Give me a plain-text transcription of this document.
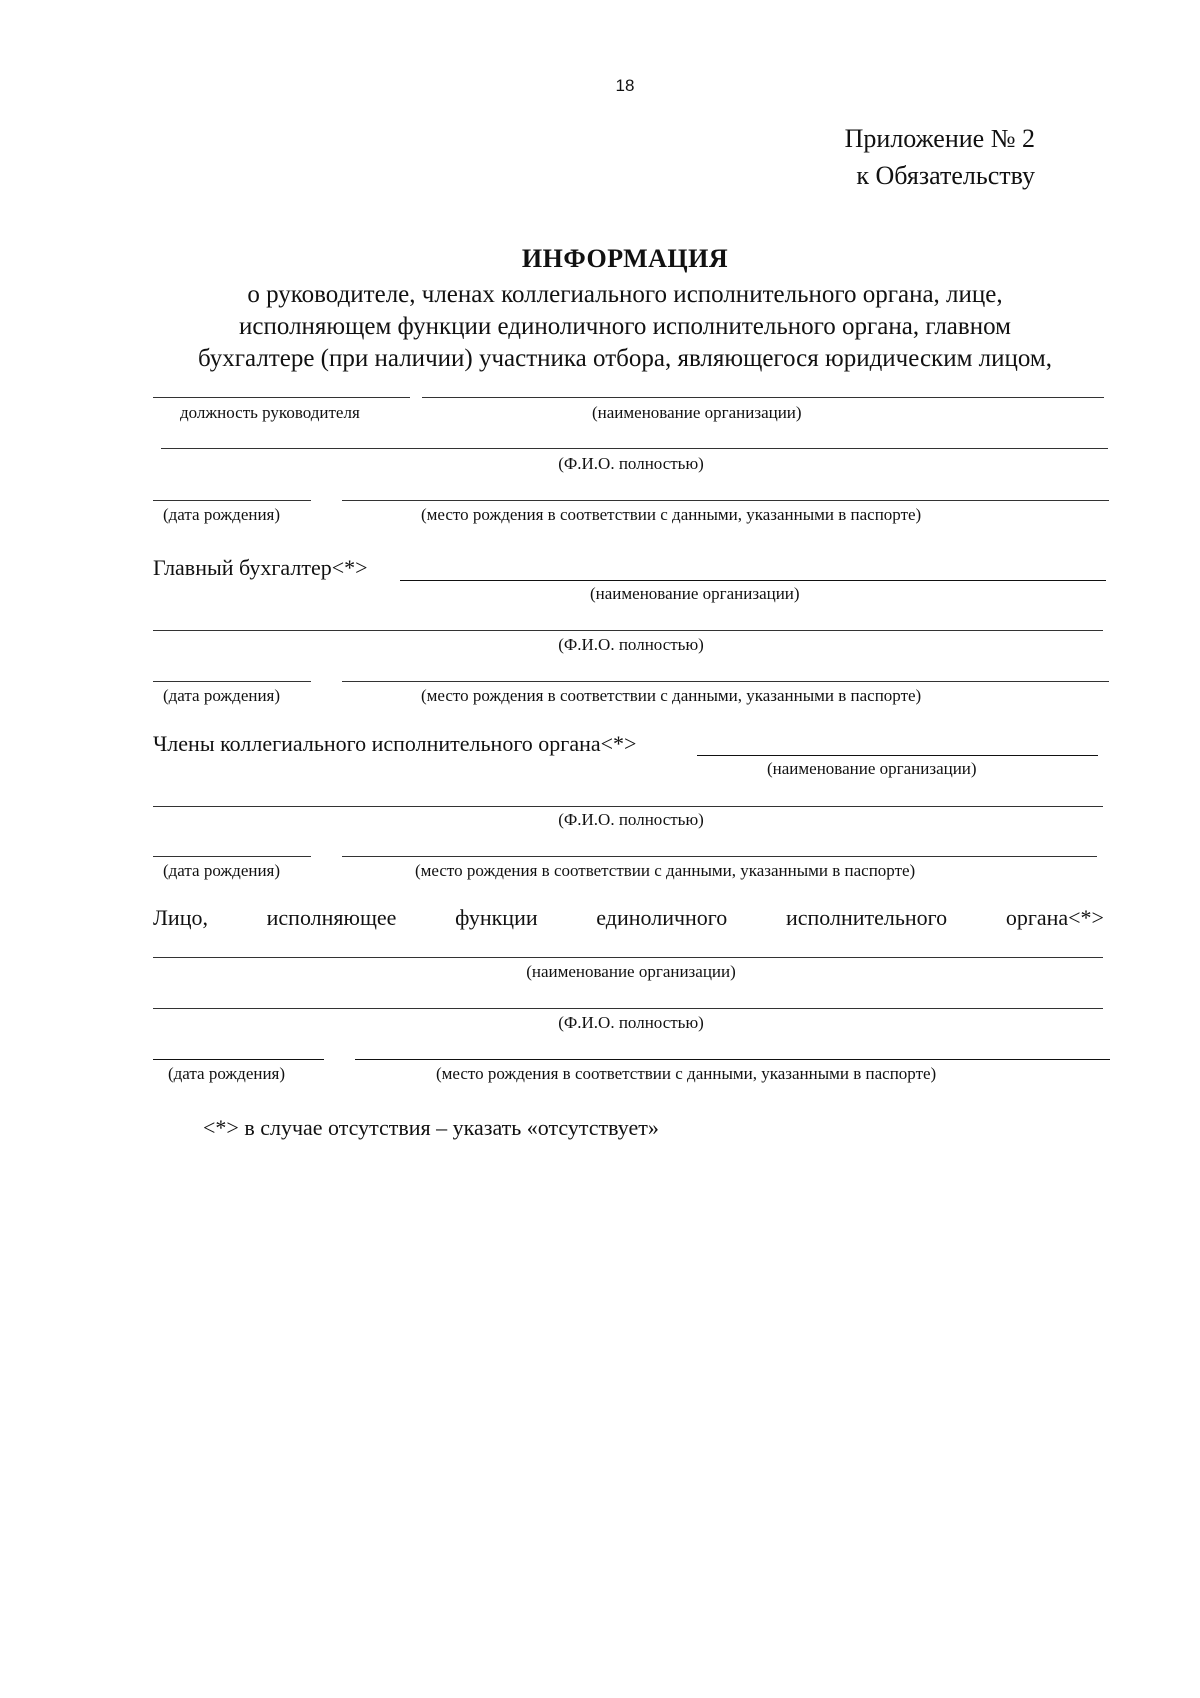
18
Приложение № 2
к Обязательству
ИНФОРМАЦИЯ
о руководителе, членах коллегиального исполнительного органа, лице,
исполняющем функции единоличного исполнительного органа, главном
бухгалтере (при наличии) участника отбора, являющегося юридическим лицом,
должность руководителя	(наименование организации)
(Ф.И.О. полностью)
(дата рождения)	(место рождения в соответствии с данными, указанными в паспорте)
Главный бухгалтер<*>
(наименование организации)
(Ф.И.О. полностью)
(дата рождения)	(место рождения в соответствии с данными, указанными в паспорте)
Члены коллегиального исполнительного органа<*>
(наименование организации)
(Ф.И.О. полностью)
(дата рождения)	(место рождения в соответствии с данными, указанными в паспорте)
Лицо,	исполняющее	функции	единоличного	исполнительного	органа<*>
(наименование организации)
(Ф.И.О. полностью)
(дата рождения)	(место рождения в соответствии с данными, указанными в паспорте)
<*> в случае отсутствия – указать «отсутствует»
